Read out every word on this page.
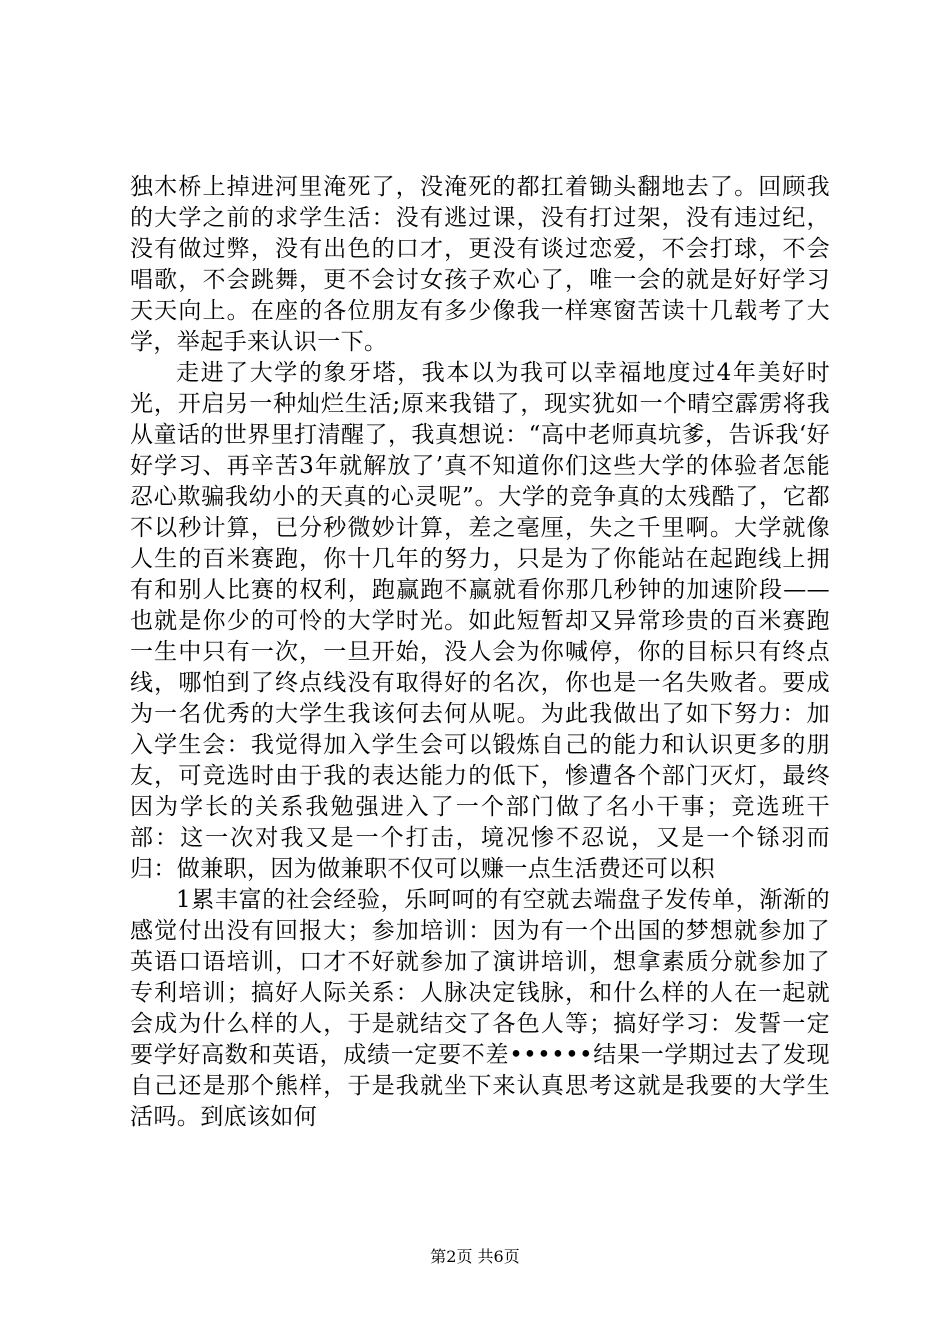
独木桥上掉进河里淹死了，没淹死的都扛着锄头翻地去了。回顾我的大学之前的求学生活：没有逃过课，没有打过架，没有违过纪，没有做过弊，没有出色的口才，更没有谈过恋爱，不会打球，不会唱歌，不会跳舞，更不会讨女孩子欢心了，唯一会的就是好好学习天天向上。在座的各位朋友有多少像我一样寒窗苦读十几载考了大学，举起手来认识一下。

走进了大学的象牙塔，我本以为我可以幸福地度过4年美好时光，开启另一种灿烂生活;原来我错了，现实犹如一个晴空霹雳将我从童话的世界里打清醒了，我真想说：“高中老师真坑爹，告诉我‘好好学习、再辛苦3年就解放了’真不知道你们这些大学的体验者怎能忍心欺骗我幼小的天真的心灵呢”。大学的竞争真的太残酷了，它都不以秒计算，已分秒微妙计算，差之毫厘，失之千里啊。大学就像人生的百米赛跑，你十几年的努力，只是为了你能站在起跑线上拥有和别人比赛的权利，跑赢跑不赢就看你那几秒钟的加速阶段——也就是你少的可怜的大学时光。如此短暂却又异常珍贵的百米赛跑一生中只有一次，一旦开始，没人会为你喊停，你的目标只有终点线，哪怕到了终点线没有取得好的名次，你也是一名失败者。要成为一名优秀的大学生我该何去何从呢。为此我做出了如下努力：加入学生会：我觉得加入学生会可以锻炼自己的能力和认识更多的朋友，可竞选时由于我的表达能力的低下，惨遭各个部门灭灯，最终因为学长的关系我勉强进入了一个部门做了名小干事；竞选班干部：这一次对我又是一个打击，境况惨不忍说，又是一个铩羽而归：做兼职，因为做兼职不仅可以赚一点生活费还可以积

1累丰富的社会经验，乐呵呵的有空就去端盘子发传单，渐渐的感觉付出没有回报大；参加培训：因为有一个出国的梦想就参加了英语口语培训，口才不好就参加了演讲培训，想拿素质分就参加了专利培训；搞好人际关系：人脉决定钱脉，和什么样的人在一起就会成为什么样的人，于是就结交了各色人等；搞好学习：发誓一定要学好高数和英语，成绩一定要不差••••••结果一学期过去了发现自己还是那个熊样，于是我就坐下来认真思考这就是我要的大学生活吗。到底该如何

第2页 共6页
